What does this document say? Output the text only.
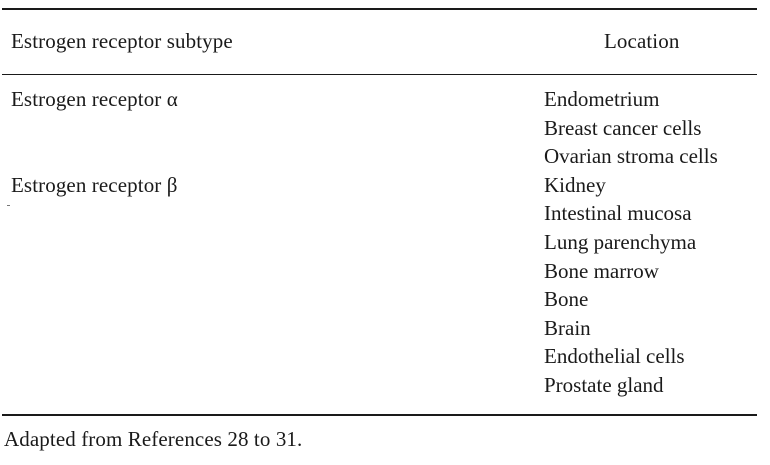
Estrogen receptor subtype	Location
Estrogen receptor α
Estrogen receptor β
Endometrium
Breast cancer cells
Ovarian stroma cells
Kidney
Intestinal mucosa
Lung parenchyma
Bone marrow
Bone
Brain
Endothelial cells
Prostate gland
Adapted from References 28 to 31.
